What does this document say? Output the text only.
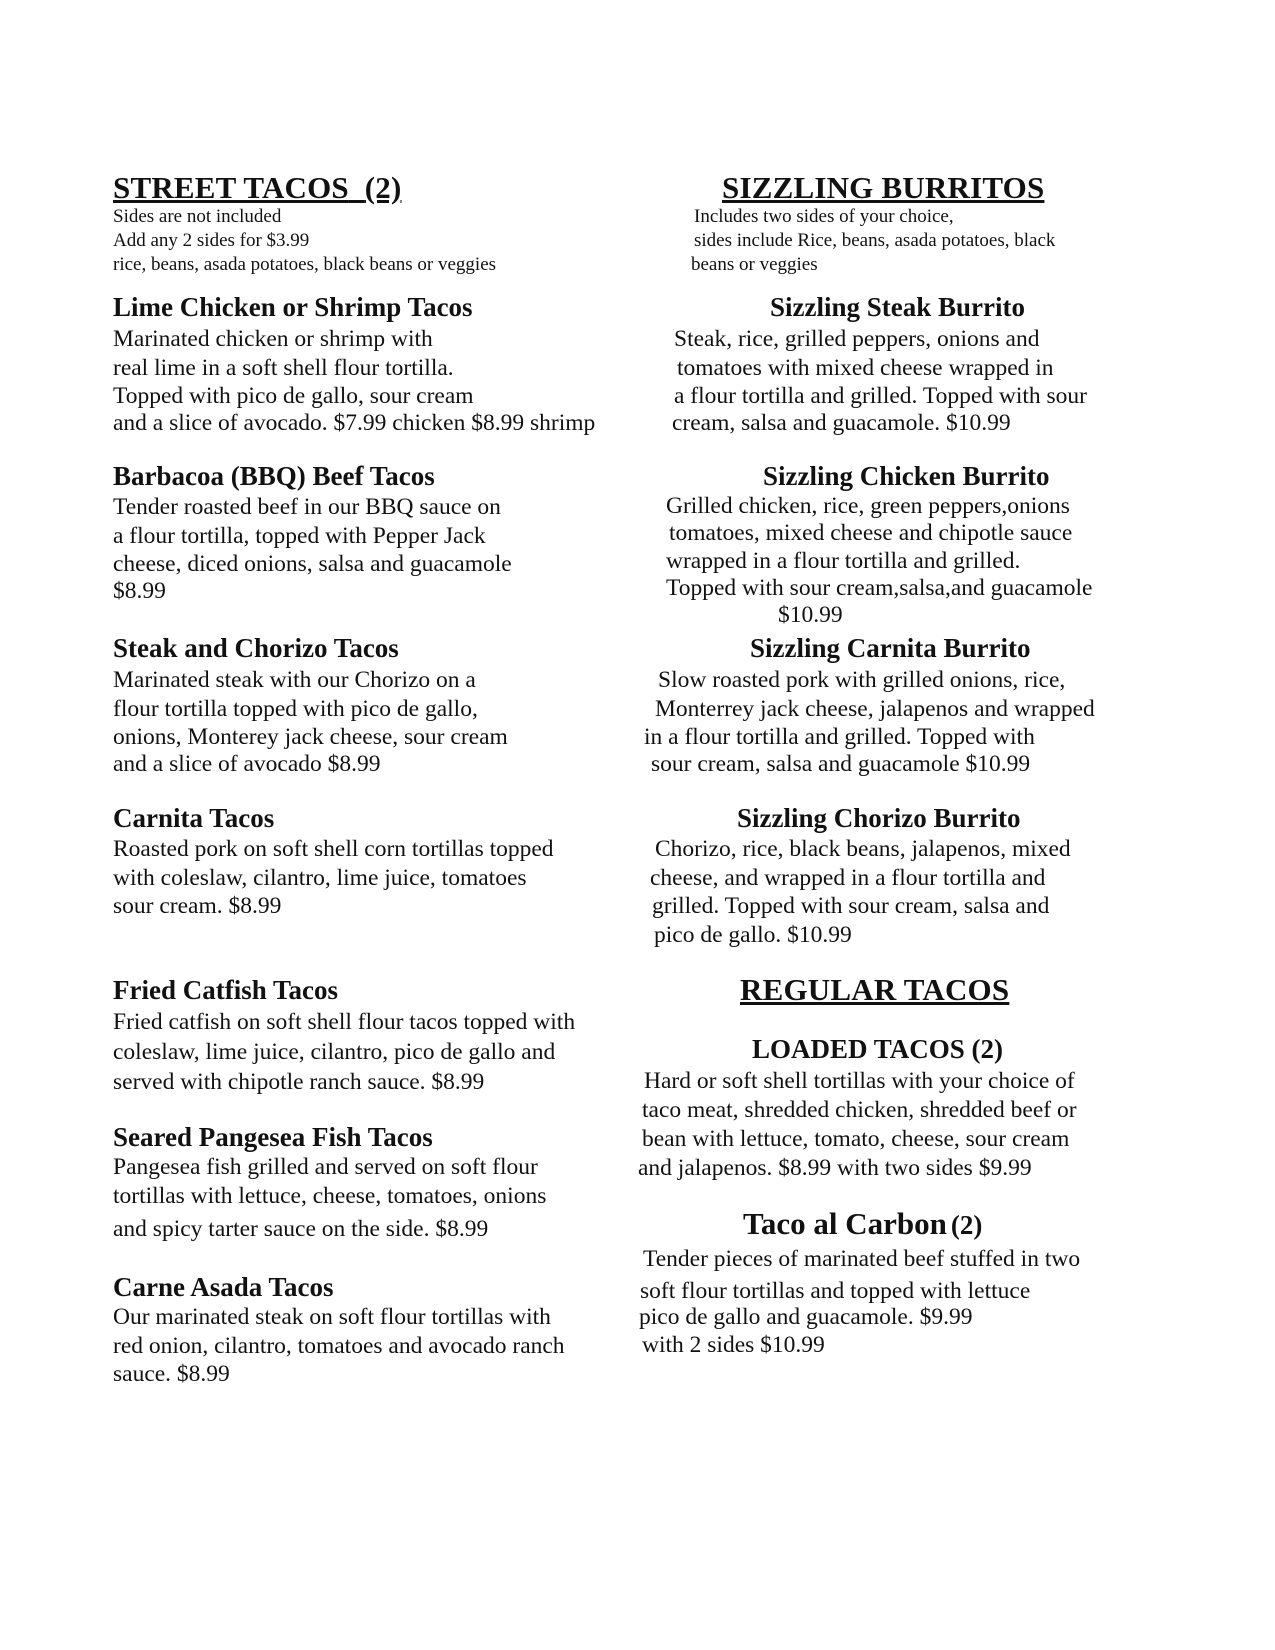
STREET TACOS (2)
Sides are not included
Add any 2 sides for $3.99
rice, beans, asada potatoes, black beans or veggies
Lime Chicken or Shrimp Tacos
Marinated chicken or shrimp with
real lime in a soft shell flour tortilla.
Topped with pico de gallo, sour cream
and a slice of avocado. $7.99 chicken $8.99 shrimp
Barbacoa (BBQ) Beef Tacos
Tender roasted beef in our BBQ sauce on
a flour tortilla, topped with Pepper Jack
cheese, diced onions, salsa and guacamole
$8.99
Steak and Chorizo Tacos
Marinated steak with our Chorizo on a
flour tortilla topped with pico de gallo,
onions, Monterey jack cheese, sour cream
and a slice of avocado $8.99
Carnita Tacos
Roasted pork on soft shell corn tortillas topped
with coleslaw, cilantro, lime juice, tomatoes
sour cream. $8.99
Fried Catfish Tacos
Fried catfish on soft shell flour tacos topped with
coleslaw, lime juice, cilantro, pico de gallo and
served with chipotle ranch sauce. $8.99
Seared Pangesea Fish Tacos
Pangesea fish grilled and served on soft flour
tortillas with lettuce, cheese, tomatoes, onions
and spicy tarter sauce on the side. $8.99
Carne Asada Tacos
Our marinated steak on soft flour tortillas with
red onion, cilantro, tomatoes and avocado ranch
sauce. $8.99
SIZZLING BURRITOS
Includes two sides of your choice,
sides include Rice, beans, asada potatoes, black
beans or veggies
Sizzling Steak Burrito
Steak, rice, grilled peppers, onions and
tomatoes with mixed cheese wrapped in
a flour tortilla and grilled. Topped with sour
cream, salsa and guacamole. $10.99
Sizzling Chicken Burrito
Grilled chicken, rice, green peppers,onions
tomatoes, mixed cheese and chipotle sauce
wrapped in a flour tortilla and grilled.
Topped with sour cream,salsa,and guacamole
$10.99
Sizzling Carnita Burrito
Slow roasted pork with grilled onions, rice,
Monterrey jack cheese, jalapenos and wrapped
in a flour tortilla and grilled. Topped with
sour cream, salsa and guacamole $10.99
Sizzling Chorizo Burrito
Chorizo, rice, black beans, jalapenos, mixed
cheese, and wrapped in a flour tortilla and
grilled. Topped with sour cream, salsa and
pico de gallo. $10.99
REGULAR TACOS
LOADED TACOS (2)
Hard or soft shell tortillas with your choice of
taco meat, shredded chicken, shredded beef or
bean with lettuce, tomato, cheese, sour cream
and jalapenos. $8.99 with two sides $9.99
Taco al Carbon (2)
Tender pieces of marinated beef stuffed in two
soft flour tortillas and topped with lettuce
pico de gallo and guacamole. $9.99
with 2 sides $10.99
